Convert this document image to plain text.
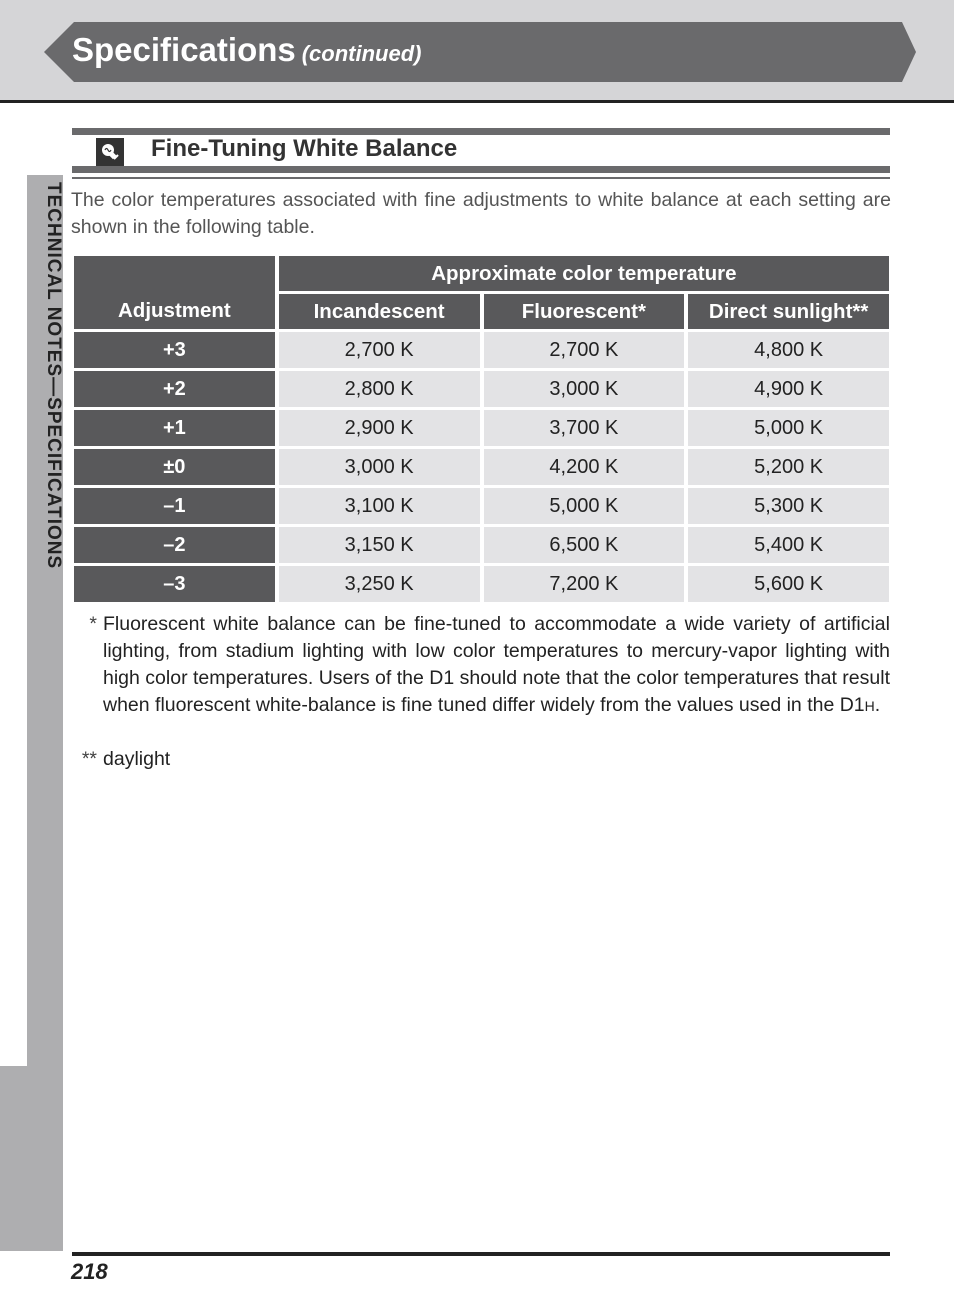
Specifications (continued)
TECHNICAL NOTES—SPECIFICATIONS
Fine-Tuning White Balance
The color temperatures associated with fine adjustments to white balance at each setting are shown in the following table.
Adjustment	Approximate color temperature		
	Incandescent	Fluorescent*	Direct sunlight**
+3	2,700 K	2,700 K	4,800 K
+2	2,800 K	3,000 K	4,900 K
+1	2,900 K	3,700 K	5,000 K
±0	3,000 K	4,200 K	5,200 K
–1	3,100 K	5,000 K	5,300 K
–2	3,150 K	6,500 K	5,400 K
–3	3,250 K	7,200 K	5,600 K
* Fluorescent white balance can be fine-tuned to accommodate a wide variety of artificial lighting, from stadium lighting with low color temperatures to mercury-vapor lighting with high color temperatures. Users of the D1 should note that the color temperatures that result when fluorescent white-balance is fine tuned differ widely from the values used in the D1H.
** daylight
218
